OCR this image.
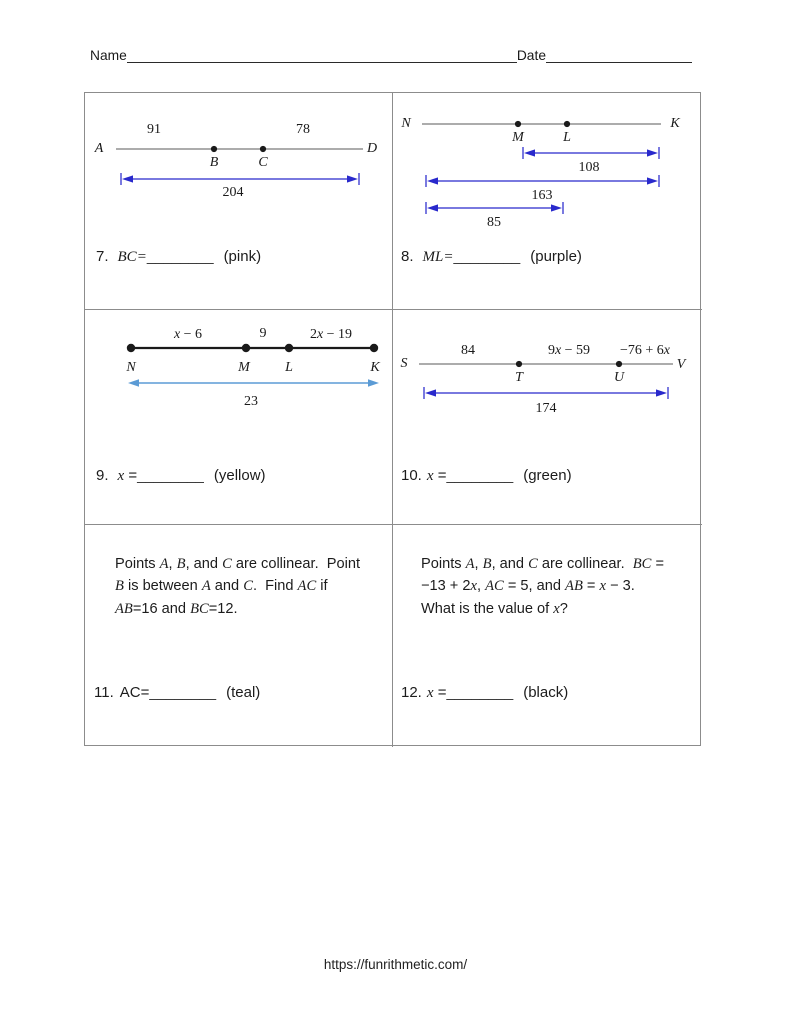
Name	Date
A	D
91	78
B	C
204
7. BC=________ (pink)
N	K
M	L
108
163
85
8. ML=________ (purple)
x − 6	9	2x − 19
N	M	L	K
23
9. x =________ (yellow)
84	9x − 59 −76 + 6x
S	V
T	U
174
10. x =________ (green)
Points A, B, and C are collinear.  Point
B is between A and C.  Find AC if
AB=16 and BC=12.
11. AC=________ (teal)
Points A, B, and C are collinear.  BC =
−13 + 2x, AC = 5, and AB = x − 3.
What is the value of x?
12. x =________ (black)
https://funrithmetic.com/
